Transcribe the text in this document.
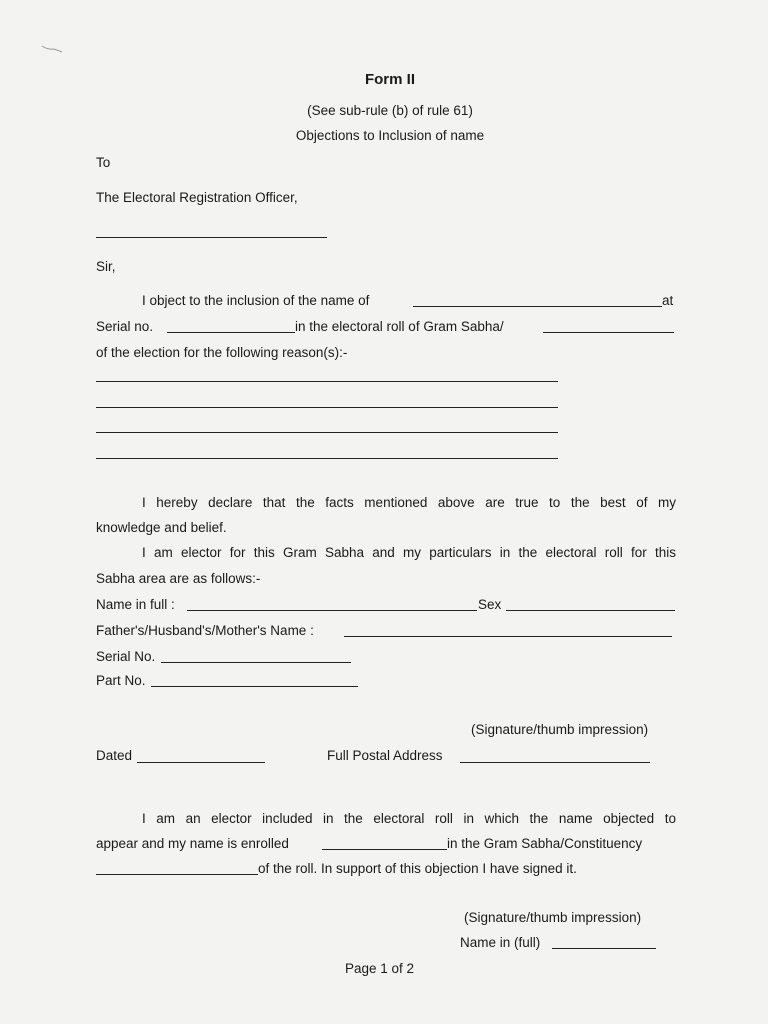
Form II
(See sub-rule (b) of rule 61)
Objections to Inclusion of name
To
The Electoral Registration Officer,
Sir,
I object to the inclusion of the name of	at
Serial no.	in the electoral roll of Gram Sabha/
of the election for the following reason(s):-
I hereby declare that the facts mentioned above are true to the best of my
knowledge and belief.
I am elector for this Gram Sabha and my particulars in the electoral roll for this
Sabha area are as follows:-
Name in full :	Sex
Father's/Husband's/Mother's Name :
Serial No.
Part No.
(Signature/thumb impression)
Dated	Full Postal Address
I am an elector included in the electoral roll in which the name objected to
appear and my name is enrolled	in the Gram Sabha/Constituency
of the roll. In support of this objection I have signed it.
(Signature/thumb impression)
Name in (full)
Page 1 of 2
